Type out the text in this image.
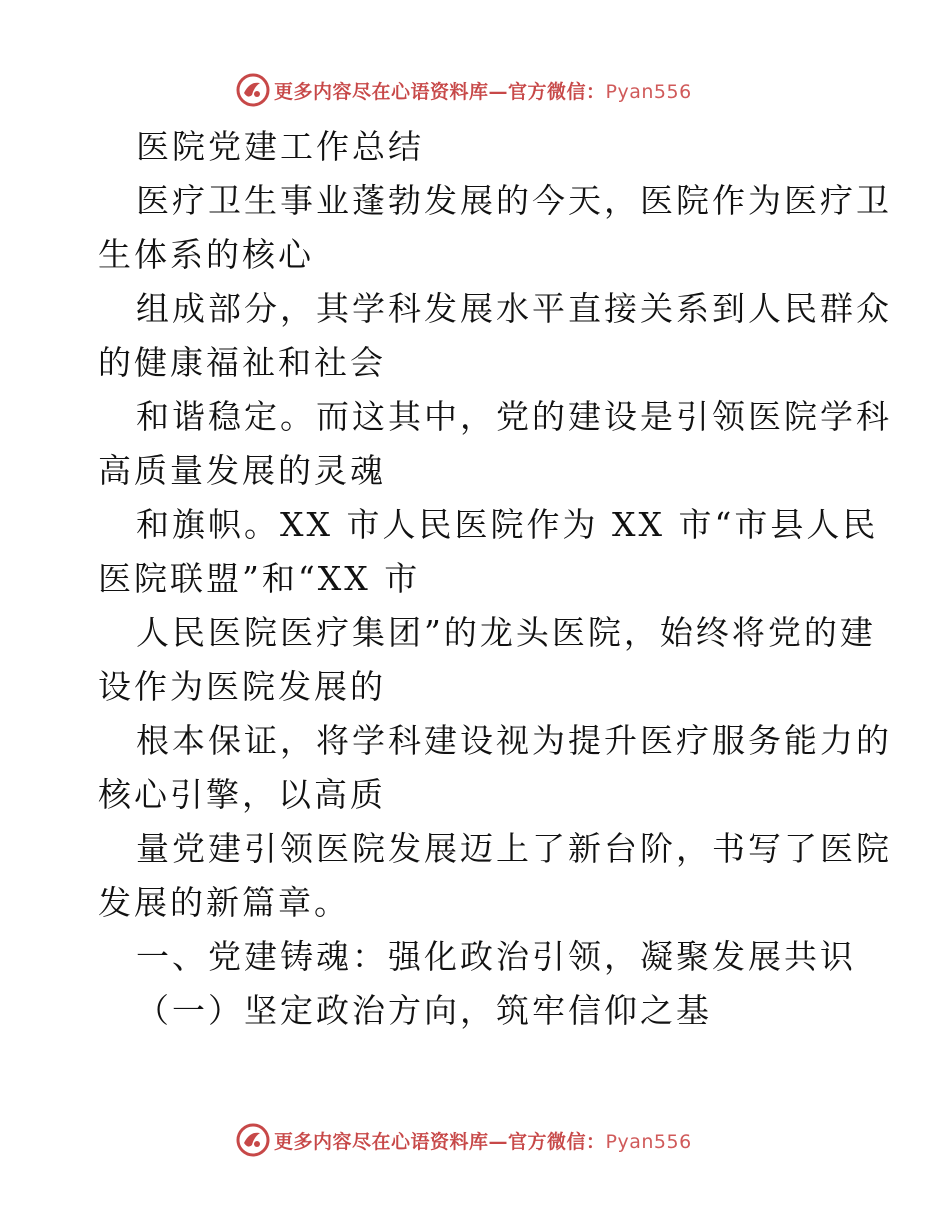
更多内容尽在心语资料库—官方微信：Pyan556

医院党建工作总结

医疗卫生事业蓬勃发展的今天，医院作为医疗卫

生体系的核心

组成部分，其学科发展水平直接关系到人民群众

的健康福祉和社会

和谐稳定。而这其中，党的建设是引领医院学科

高质量发展的灵魂

和旗帜。XX 市人民医院作为 XX 市“市县人民

医院联盟”和“XX 市

人民医院医疗集团”的龙头医院，始终将党的建

设作为医院发展的

根本保证，将学科建设视为提升医疗服务能力的

核心引擎，以高质

量党建引领医院发展迈上了新台阶，书写了医院

发展的新篇章。

一、党建铸魂：强化政治引领，凝聚发展共识

（一）坚定政治方向，筑牢信仰之基

更多内容尽在心语资料库—官方微信：Pyan556
